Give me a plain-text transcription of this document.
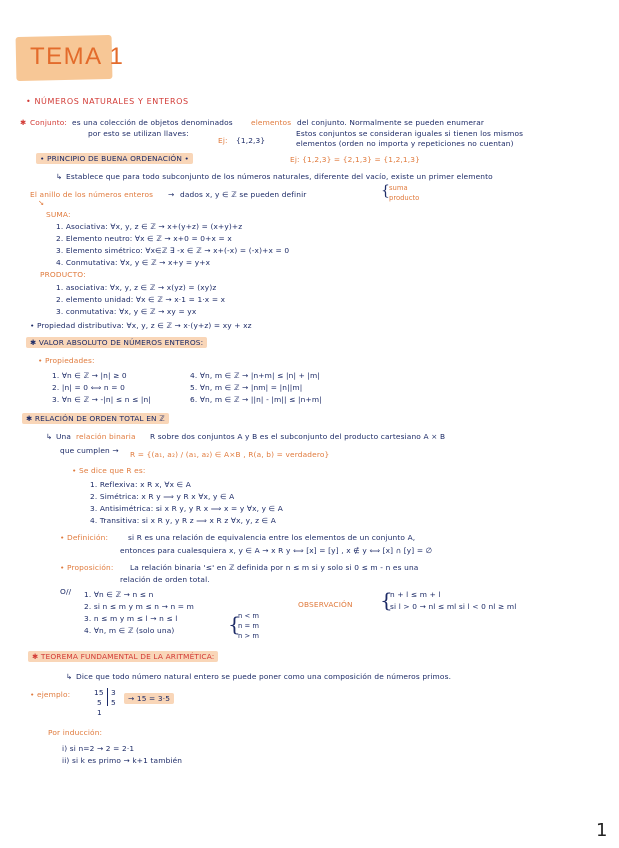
TEMA 1
• NÚMEROS NATURALES Y ENTEROS
✱ Conjunto: es una colección de objetos denominados elementos del conjunto. Normalmente se pueden enumerar
por esto se utilizan llaves:
Ej: {1,2,3}
Estos conjuntos se consideran iguales si tienen los mismos
elementos (orden no importa y repeticiones no cuentan)
Ej: {1,2,3} = {2,1,3} = {1,2,1,3}
• PRINCIPIO DE BUENA ORDENACIÓN •
↳ Establece que para todo subconjunto de los números naturales, diferente del vacío, existe un primer elemento
El anillo de los números enteros → dados x, y ∈ ℤ se pueden definir	{ suma
producto
↘
SUMA:
1. Asociativa: ∀x, y, z ∈ ℤ → x+(y+z) = (x+y)+z
2. Elemento neutro: ∀x ∈ ℤ → x+0 = 0+x = x
3. Elemento simétrico: ∀x∈ℤ ∃ -x ∈ ℤ → x+(-x) = (-x)+x = 0
4. Conmutativa: ∀x, y ∈ ℤ → x+y = y+x
PRODUCTO:
1. asociativa: ∀x, y, z ∈ ℤ → x(yz) = (xy)z
2. elemento unidad: ∀x ∈ ℤ → x·1 = 1·x = x
3. conmutativa: ∀x, y ∈ ℤ → xy = yx
• Propiedad distributiva: ∀x, y, z ∈ ℤ → x·(y+z) = xy + xz
✱ VALOR ABSOLUTO DE NÚMEROS ENTEROS:
• Propiedades:
1. ∀n ∈ ℤ → |n| ≥ 0
2. |n| = 0 ⟺ n = 0
3. ∀n ∈ ℤ → -|n| ≤ n ≤ |n|
4. ∀n, m ∈ ℤ → |n+m| ≤ |n| + |m|
5. ∀n, m ∈ ℤ → |nm| = |n||m|
6. ∀n, m ∈ ℤ → ||n| - |m|| ≤ |n+m|
✱ RELACIÓN DE ORDEN TOTAL EN ℤ
↳ Una relación binaria R sobre dos conjuntos A y B es el subconjunto del producto cartesiano A × B
que cumplen → R = {(a₁, a₂) / (a₁, a₂) ∈ A×B , R(a, b) = verdadero}
• Se dice que R es:
1. Reflexiva: x R x, ∀x ∈ A
2. Simétrica: x R y ⟹ y R x ∀x, y ∈ A
3. Antisimétrica: si x R y, y R x ⟹ x = y ∀x, y ∈ A
4. Transitiva: si x R y, y R z ⟹ x R z ∀x, y, z ∈ A
• Definición:	si R es una relación de equivalencia entre los elementos de un conjunto A,
entonces para cualesquiera x, y ∈ A → x R y ⟺ [x] = [y] , x ∉ y ⟺ [x] ∩ [y] = ∅
• Proposición: La relación binaria '≤' en ℤ definida por n ≤ m si y solo si 0 ≤ m - n es una
relación de orden total.
O// 1. ∀n ∈ ℤ → n ≤ n
2. si n ≤ m y m ≤ n → n = m
3. n ≤ m y m ≤ l → n ≤ l
4. ∀n, m ∈ ℤ (solo una)	{
n < m
n = m
n > m
OBSERVACIÓN {
n + l ≤ m + l
si l > 0 → nl ≤ ml si l < 0 nl ≥ ml
✱ TEOREMA FUNDAMENTAL DE LA ARITMÉTICA:
↳ Dice que todo número natural entero se puede poner como una composición de números primos.
• ejemplo:	15
5
1
3
5	→ 15 = 3·5
Por inducción:
i) si n=2 → 2 = 2·1
ii) si k es primo → k+1 también
1
